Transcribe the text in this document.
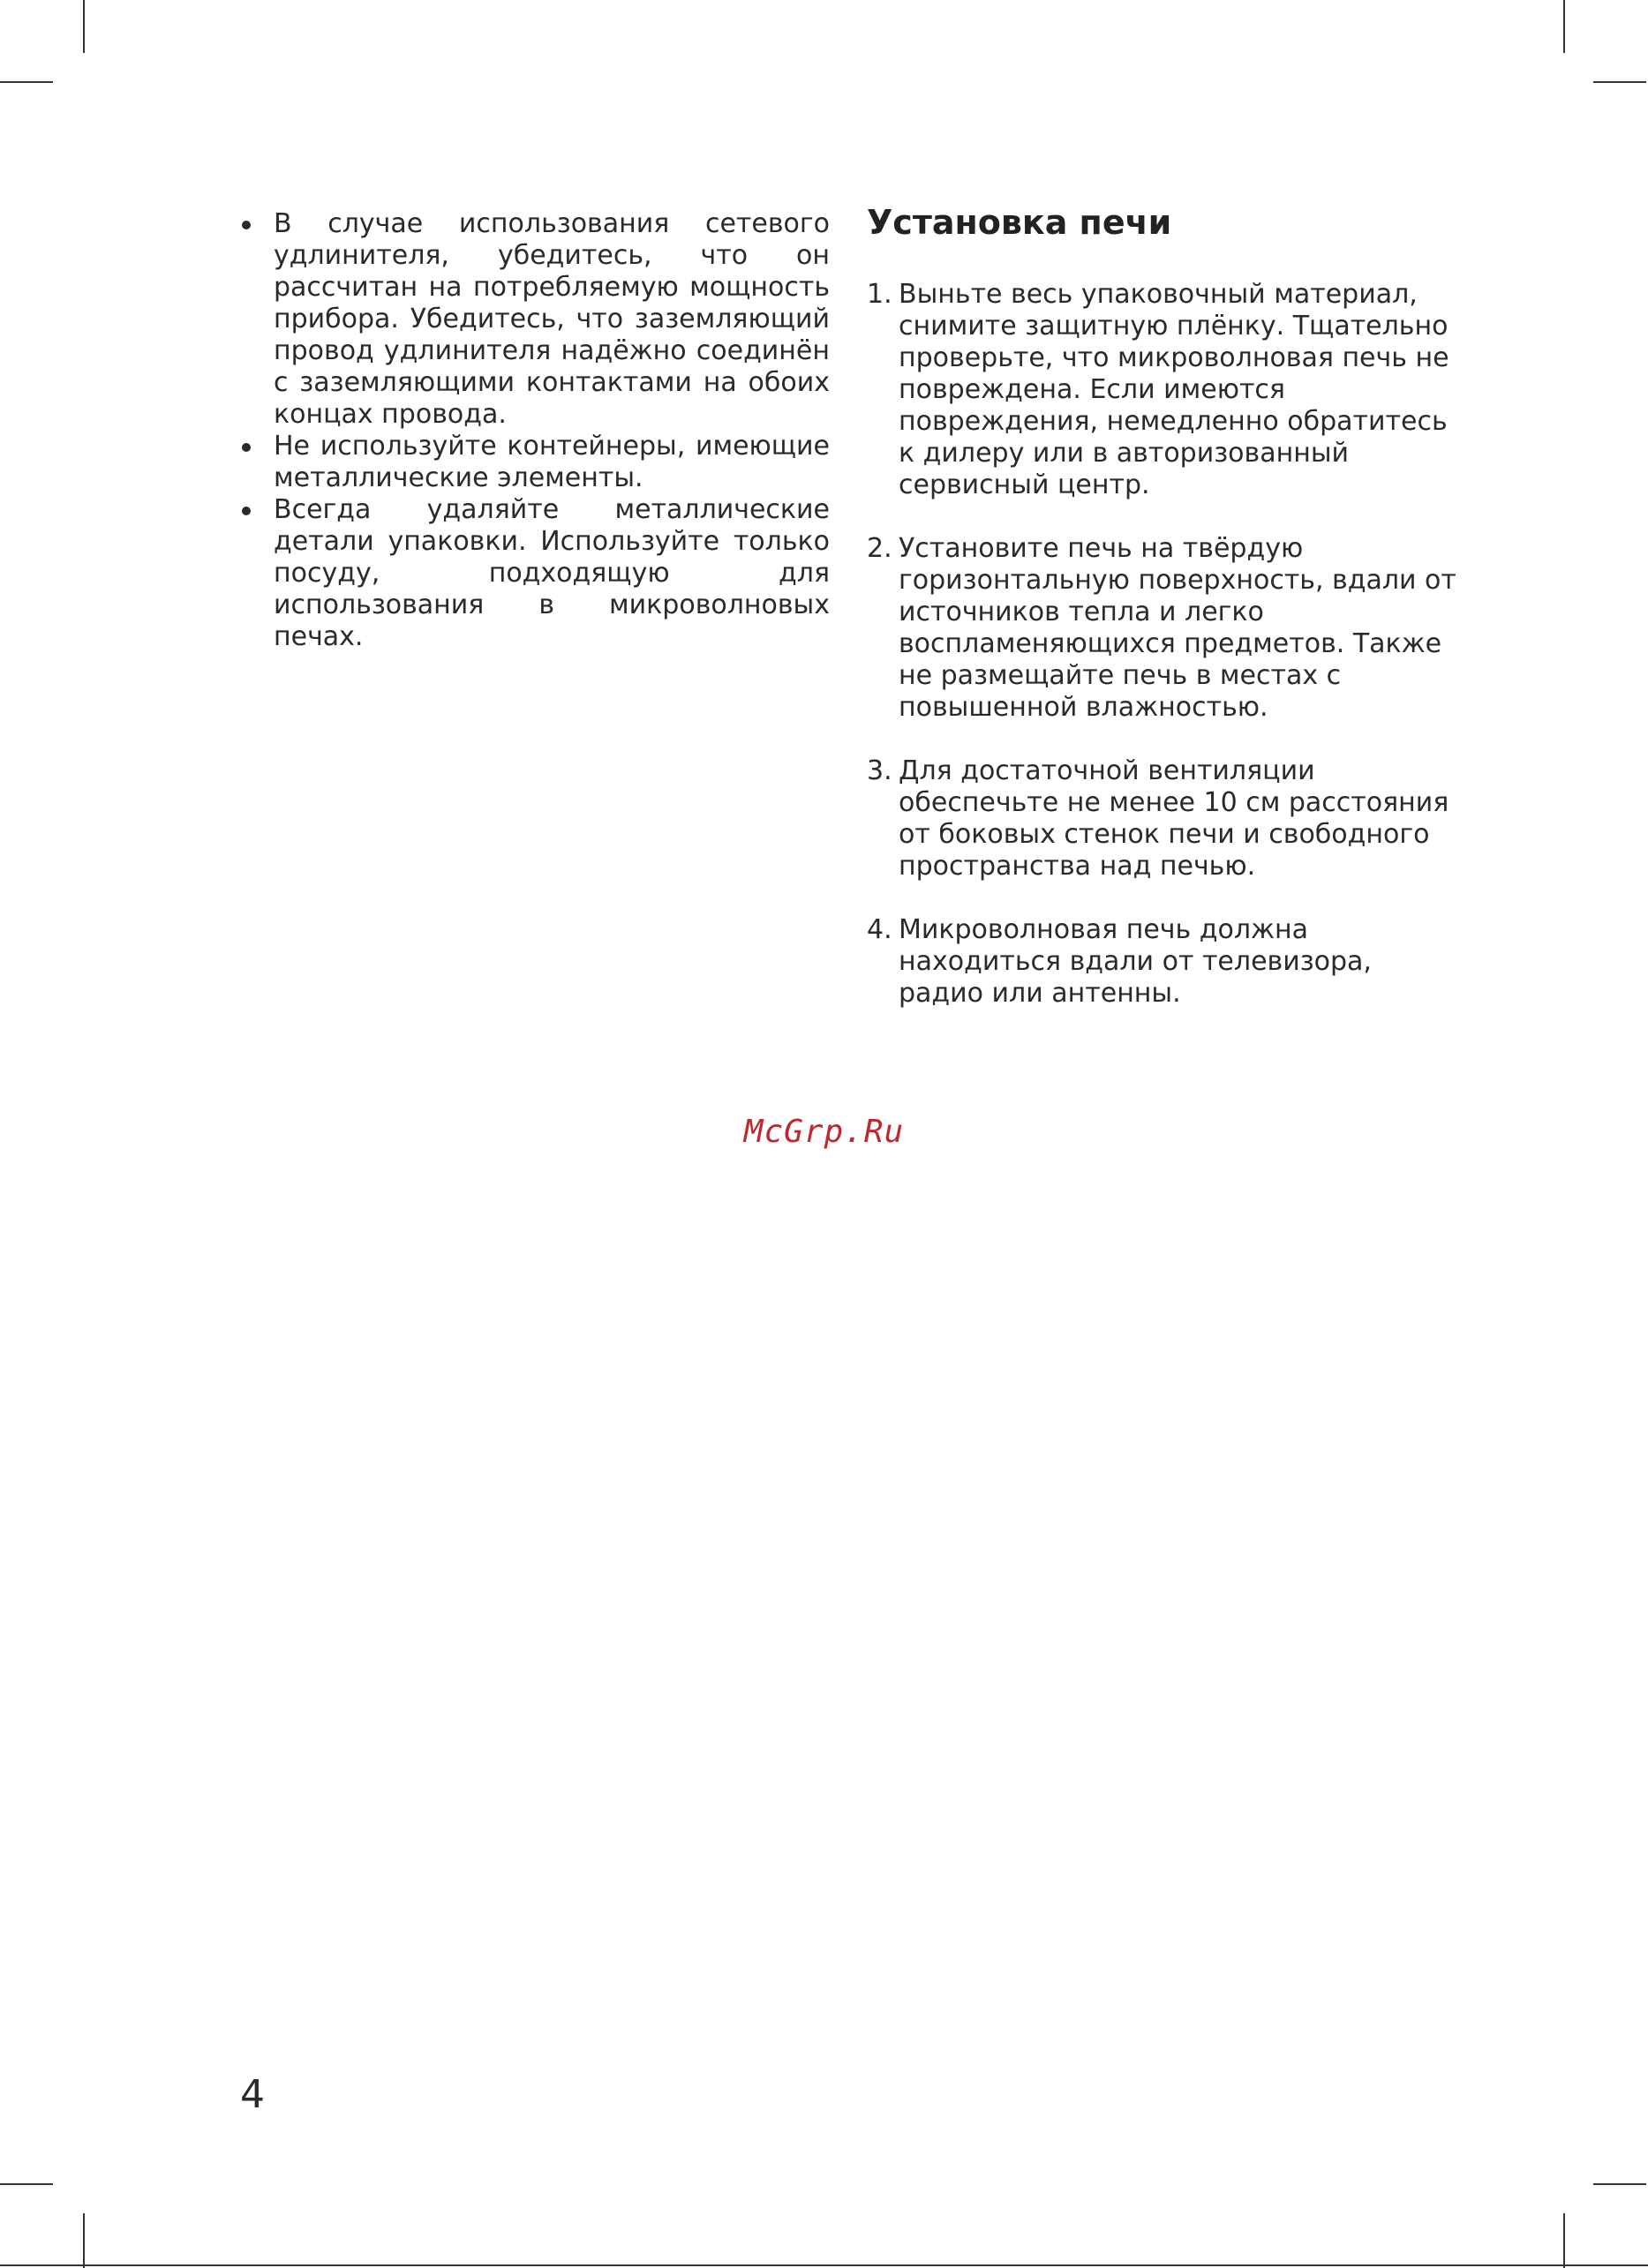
В случае использования сетевого удлинителя, убедитесь, что он рассчитан на потребляемую мощность прибора. Убедитесь, что заземляющий провод удлинителя надёжно соединён с заземляющими контактами на обоих концах провода.
Не используйте контейнеры, имеющие металлические элементы.
Всегда удаляйте металлические детали упаковки. Используйте только посуду, подходящую для использования в микроволновых печах.
Установка печи
1. Выньте весь упаковочный материал, снимите защитную плёнку. Тщательно проверьте, что микроволновая печь не повреждена. Если имеются повреждения, немедленно обратитесь к дилеру или в авторизованный сервисный центр.
2. Установите печь на твёрдую горизонтальную поверхность, вдали от источников тепла и легко воспламеняющихся предметов. Также не размещайте печь в местах с повышенной влажностью.
3. Для достаточной вентиляции обеспечьте не менее 10 см расстояния от боковых стенок печи и свободного пространства над печью.
4. Микроволновая печь должна находиться вдали от телевизора, радио или антенны.
McGrp.Ru
4
